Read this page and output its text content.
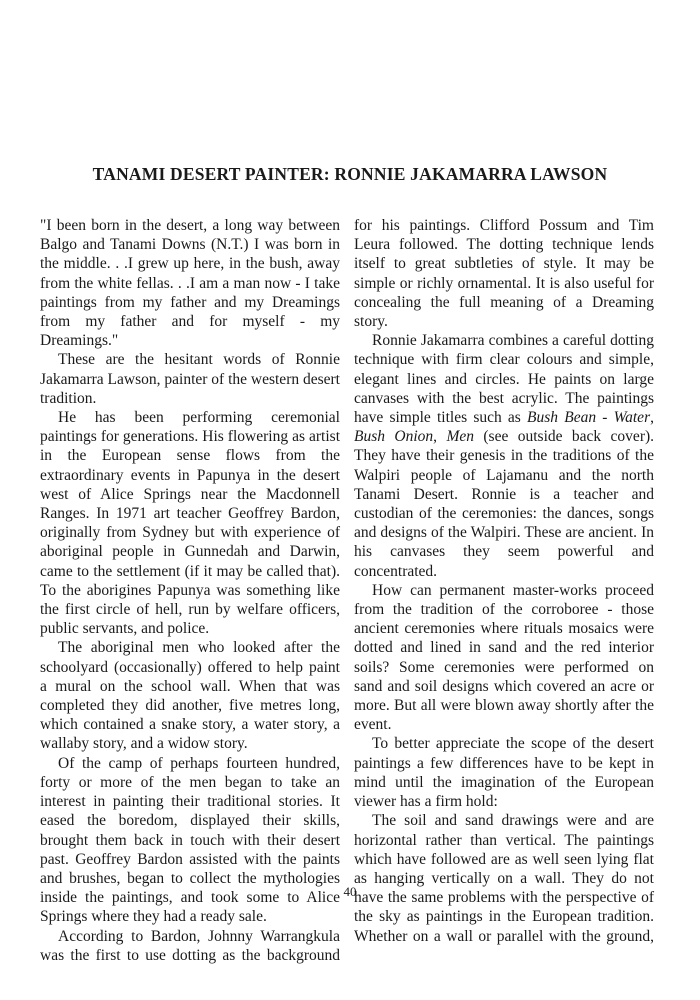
TANAMI DESERT PAINTER: RONNIE JAKAMARRA LAWSON

"I been born in the desert, a long way between Balgo and Tanami Downs (N.T.) I was born in the middle. . .I grew up here, in the bush, away from the white fellas. . .I am a man now - I take paintings from my father and my Dreamings from my father and for myself - my Dreamings."

These are the hesitant words of Ronnie Jakamarra Lawson, painter of the western desert tradition.

He has been performing ceremonial paintings for generations. His flowering as artist in the European sense flows from the extraordinary events in Papunya in the desert west of Alice Springs near the Macdonnell Ranges. In 1971 art teacher Geoffrey Bardon, originally from Sydney but with experience of aboriginal people in Gunnedah and Darwin, came to the settlement (if it may be called that). To the aborigines Papunya was something like the first circle of hell, run by welfare officers, public servants, and police.

The aboriginal men who looked after the schoolyard (occasionally) offered to help paint a mural on the school wall. When that was completed they did another, five metres long, which contained a snake story, a water story, a wallaby story, and a widow story.

Of the camp of perhaps fourteen hundred, forty or more of the men began to take an interest in painting their traditional stories. It eased the boredom, displayed their skills, brought them back in touch with their desert past. Geoffrey Bardon assisted with the paints and brushes, began to collect the mythologies inside the paintings, and took some to Alice Springs where they had a ready sale.

According to Bardon, Johnny Warrangkula was the first to use dotting as the background

for his paintings. Clifford Possum and Tim Leura followed. The dotting technique lends itself to great subtleties of style. It may be simple or richly ornamental. It is also useful for concealing the full meaning of a Dreaming story.

Ronnie Jakamarra combines a careful dotting technique with firm clear colours and simple, elegant lines and circles. He paints on large canvases with the best acrylic. The paintings have simple titles such as Bush Bean - Water, Bush Onion, Men (see outside back cover). They have their genesis in the traditions of the Walpiri people of Lajamanu and the north Tanami Desert. Ronnie is a teacher and custodian of the ceremonies: the dances, songs and designs of the Walpiri. These are ancient. In his canvases they seem powerful and concentrated.

How can permanent master-works proceed from the tradition of the corroboree - those ancient ceremonies where rituals mosaics were dotted and lined in sand and the red interior soils? Some ceremonies were performed on sand and soil designs which covered an acre or more. But all were blown away shortly after the event.

To better appreciate the scope of the desert paintings a few differences have to be kept in mind until the imagination of the European viewer has a firm hold:

The soil and sand drawings were and are horizontal rather than vertical. The paintings which have followed are as well seen lying flat as hanging vertically on a wall. They do not have the same problems with the perspective of the sky as paintings in the European tradition. Whether on a wall or parallel with the ground,

40
